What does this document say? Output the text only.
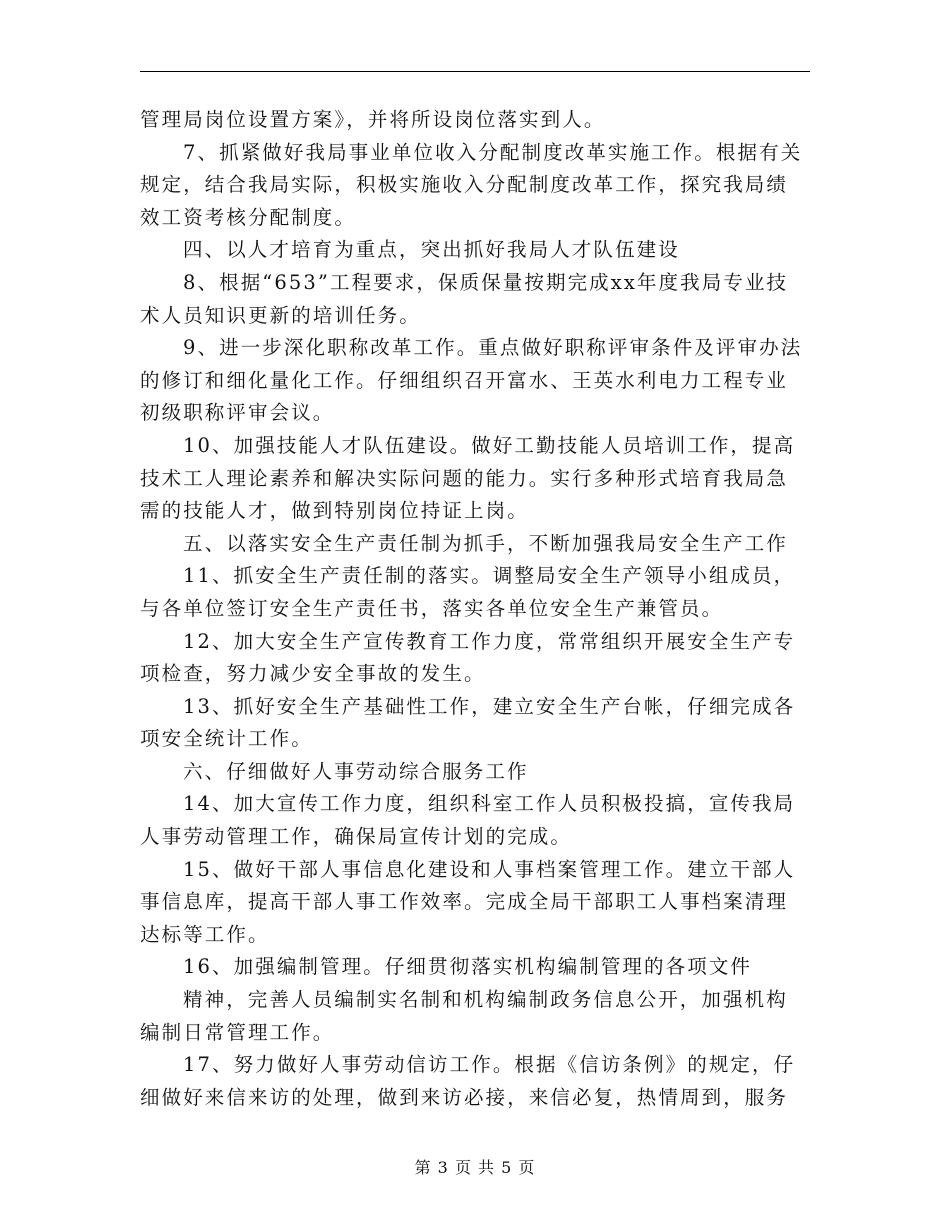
管理局岗位设置方案》，并将所设岗位落实到人。
7、抓紧做好我局事业单位收入分配制度改革实施工作。根据有关
规定，结合我局实际，积极实施收入分配制度改革工作，探究我局绩
效工资考核分配制度。
四、以人才培育为重点，突出抓好我局人才队伍建设
8、根据“653”工程要求，保质保量按期完成xx年度我局专业技
术人员知识更新的培训任务。
9、进一步深化职称改革工作。重点做好职称评审条件及评审办法
的修订和细化量化工作。仔细组织召开富水、王英水利电力工程专业
初级职称评审会议。
10、加强技能人才队伍建设。做好工勤技能人员培训工作，提高
技术工人理论素养和解决实际问题的能力。实行多种形式培育我局急
需的技能人才，做到特别岗位持证上岗。
五、以落实安全生产责任制为抓手，不断加强我局安全生产工作
11、抓安全生产责任制的落实。调整局安全生产领导小组成员，
与各单位签订安全生产责任书，落实各单位安全生产兼管员。
12、加大安全生产宣传教育工作力度，常常组织开展安全生产专
项检查，努力减少安全事故的发生。
13、抓好安全生产基础性工作，建立安全生产台帐，仔细完成各
项安全统计工作。
六、仔细做好人事劳动综合服务工作
14、加大宣传工作力度，组织科室工作人员积极投搞，宣传我局
人事劳动管理工作，确保局宣传计划的完成。
15、做好干部人事信息化建设和人事档案管理工作。建立干部人
事信息库，提高干部人事工作效率。完成全局干部职工人事档案清理
达标等工作。
16、加强编制管理。仔细贯彻落实机构编制管理的各项文件
精神，完善人员编制实名制和机构编制政务信息公开，加强机构
编制日常管理工作。
17、努力做好人事劳动信访工作。根据《信访条例》的规定，仔
细做好来信来访的处理，做到来访必接，来信必复，热情周到，服务
第 3 页 共 5 页
